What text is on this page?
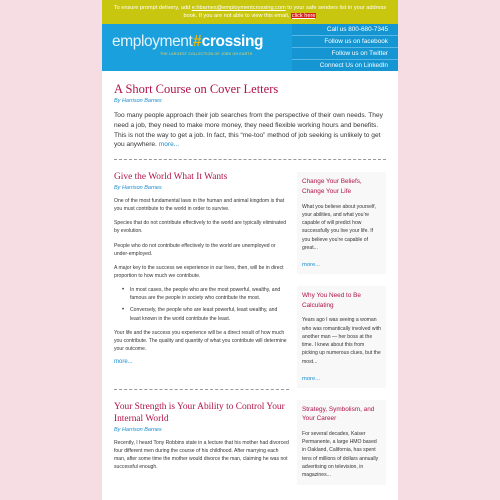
To ensure prompt delivery, add e.hbarnes@employmentcrossing.com to your safe senders list in your address book. If you are not able to view this email, click here
employment#crossing
THE LARGEST COLLECTION OF JOBS ON EARTH
Call us 800-680-7345
Follow us on facebook
Follow us on Twitter
Connect Us on LinkedIn
A Short Course on Cover Letters
By Harrison Barnes

Too many people approach their job searches from the perspective of their own needs. They need a job, they need to make more money, they need flexible working hours and benefits. This is not the way to get a job. In fact, this “me-too” method of job seeking is unlikely to get you anywhere. more...

Give the World What It Wants
By Harrison Barnes

One of the most fundamental laws in the human and animal kingdom is that you must contribute to the world in order to survive.

Species that do not contribute effectively to the world are typically eliminated by evolution.

People who do not contribute effectively to the world are unemployed or under-employed.

A major key to the success we experience in our lives, then, will be in direct proportion to how much we contribute.

• In most cases, the people who are the most powerful, wealthy, and famous are the people in society who contribute the most.
• Conversely, the people who are least powerful, least wealthy, and least known in the world contribute the least.

Your life and the success you experience will be a direct result of how much you contribute. The quality and quantity of what you contribute will determine your outcome.

more...
Your Strength is Your Ability to Control Your Internal World
By Harrison Barnes

Recently, I heard Tony Robbins state in a lecture that his mother had divorced four different men during the course of his childhood. After marrying each man, after some time the mother would divorce the man, claiming he was not successful enough.

Change Your Beliefs, Change Your Life

What you believe about yourself, your abilities, and what you’re capable of will predict how successfully you live your life. If you believe you’re capable of great...

more...
Why You Need to Be Calculating

Years ago I was seeing a woman who was romantically involved with another man — her boss at the time. I knew about this from picking up numerous clues, but the most...

more...
Strategy, Symbolism, and Your Career

For several decades, Kaiser Permanente, a large HMO based in Oakland, California, has spent tens of millions of dollars annually advertising on television, in magazines...
